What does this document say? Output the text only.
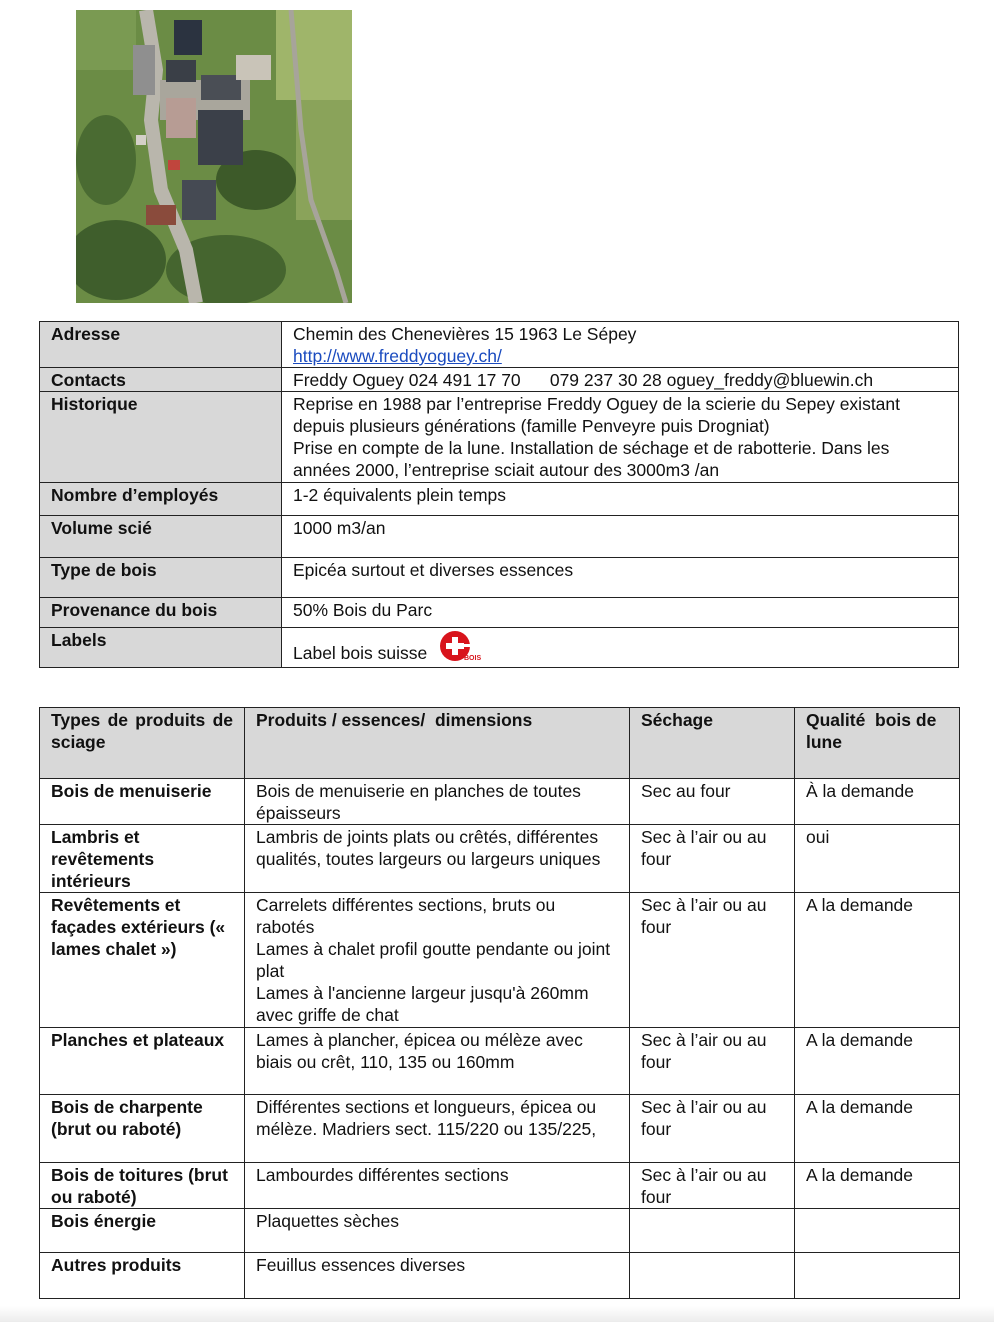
Adresse	Chemin des Chenevières 15 1963 Le Sépey
http://www.freddyoguey.ch/
Contacts	Freddy Oguey 024 491 17 70      079 237 30 28 oguey_freddy@bluewin.ch
Historique	Reprise en 1988 par l’entreprise Freddy Oguey de la scierie du Sepey existant depuis plusieurs générations (famille Penveyre puis Drogniat)
Prise en compte de la lune. Installation de séchage et de rabotterie. Dans les années 2000, l’entreprise sciait autour des 3000m3 /an

Nombre d’employés	1-2 équivalents plein temps
Volume scié	1000 m3/an
Type de bois	Epicéa surtout et diverses essences
Provenance du bois	50% Bois du Parc
Labels	Label bois suisse BOIS
Types de produits de sciage	Produits / essences/  dimensions	Séchage	Qualité  bois de lune
Bois de menuiserie	Bois de menuiserie en planches de toutes épaisseurs	Sec au four	À la demande
Lambris et revêtements intérieurs	Lambris de joints plats ou crêtés, différentes qualités, toutes largeurs ou largeurs uniques	Sec à l’air ou au four	oui
Revêtements et façades extérieurs (« lames chalet »)	Carrelets différentes sections, bruts ou rabotés
Lames à chalet profil goutte pendante ou joint plat
Lames à l'ancienne largeur jusqu'à 260mm avec griffe de chat	Sec à l’air ou au four	A la demande
Planches et plateaux	Lames à plancher, épicea ou mélèze avec biais ou crêt, 110, 135 ou 160mm	Sec à l’air ou au four	A la demande
Bois de charpente (brut ou raboté)	Différentes sections et longueurs, épicea ou mélèze. Madriers sect. 115/220 ou 135/225,	Sec à l’air ou au four	A la demande
Bois de toitures (brut ou raboté)	Lambourdes différentes sections	Sec à l’air ou au four	A la demande
Bois énergie	Plaquettes sèches		
Autres produits	Feuillus essences diverses		
